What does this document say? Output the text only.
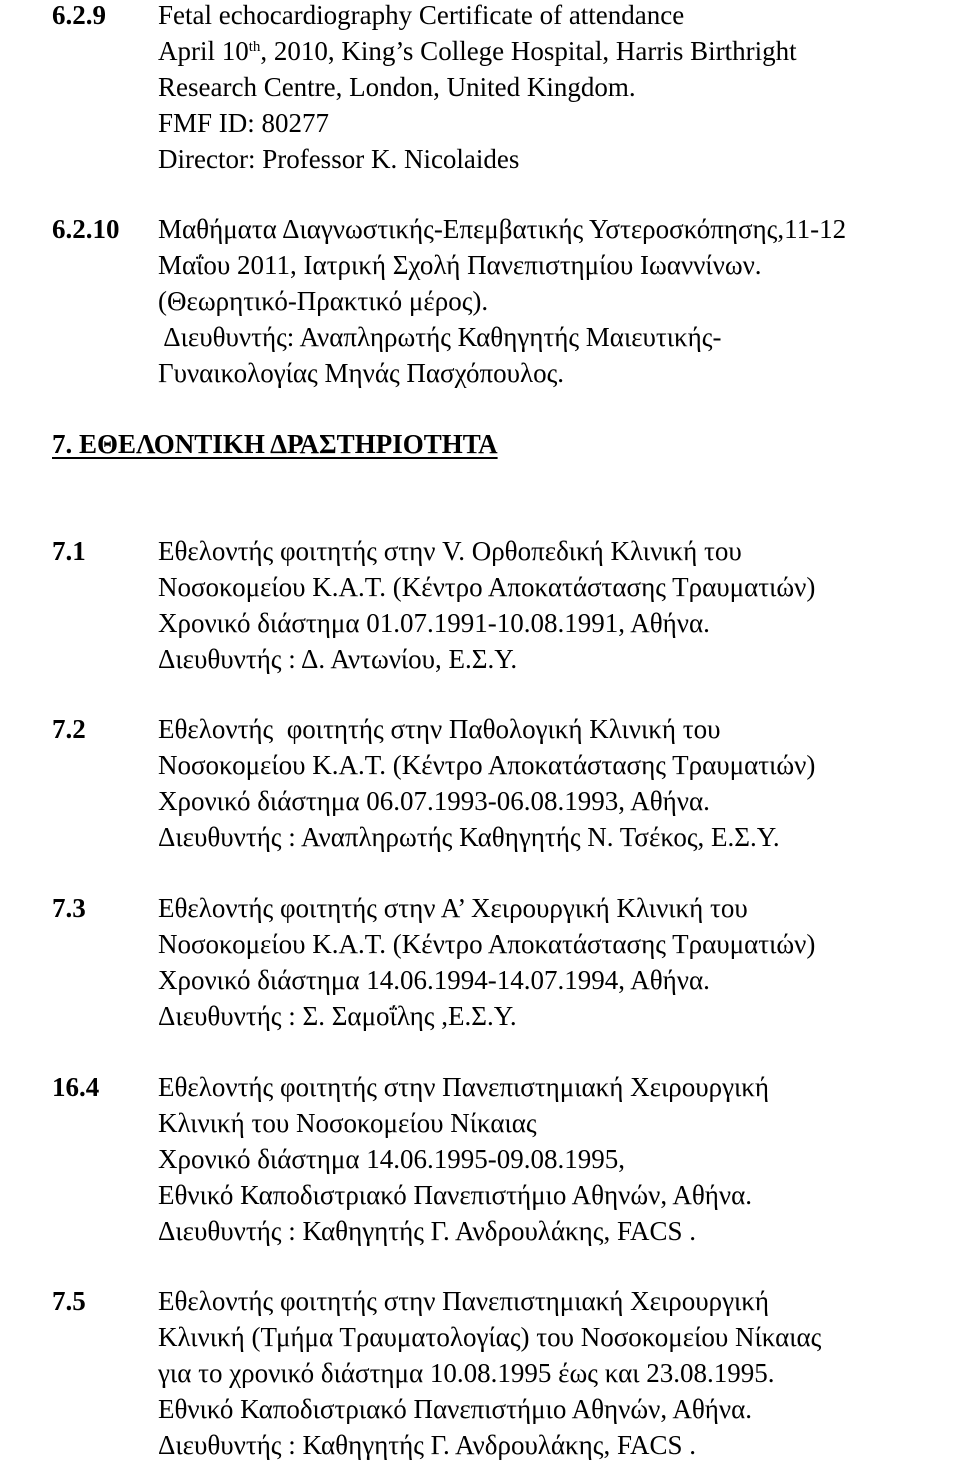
6.2.9 Fetal echocardiography Certificate of attendance
April 10th, 2010, King’s College Hospital, Harris Birthright
Research Centre, London, United Kingdom.
FMF ID: 80277
Director: Professor K. Nicolaides
6.2.10 Μαθήματα Διαγνωστικής-Επεμβατικής Υστεροσκόπησης,11-12
Μαΐου 2011, Ιατρική Σχολή Πανεπιστημίου Ιωαννίνων.
(Θεωρητικό-Πρακτικό μέρος).
Διευθυντής: Αναπληρωτής Καθηγητής Μαιευτικής-
Γυναικολογίας Μηνάς Πασχόπουλος.
7. ΕΘΕΛΟΝΤΙΚΗ ΔΡΑΣΤΗΡΙΟΤΗΤΑ
7.1	Εθελοντής φοιτητής στην V. Ορθοπεδική Κλινική του
Νοσοκομείου Κ.Α.Τ. (Κέντρο Αποκατάστασης Τραυματιών)
Χρονικό διάστημα 01.07.1991-10.08.1991, Αθήνα.
Διευθυντής : Δ. Αντωνίου, Ε.Σ.Υ.
7.2	Εθελοντής  φοιτητής στην Παθολογική Κλινική του
Νοσοκομείου Κ.Α.Τ. (Κέντρο Αποκατάστασης Τραυματιών)
Χρονικό διάστημα 06.07.1993-06.08.1993, Αθήνα.
Διευθυντής : Αναπληρωτής Καθηγητής Ν. Τσέκος, Ε.Σ.Υ.
7.3	Εθελοντής φοιτητής στην Α’ Χειρουργική Κλινική του
Νοσοκομείου Κ.Α.Τ. (Κέντρο Αποκατάστασης Τραυματιών)
Χρονικό διάστημα 14.06.1994-14.07.1994, Αθήνα.
Διευθυντής : Σ. Σαμοΐλης ,Ε.Σ.Υ.
16.4 Εθελοντής φοιτητής στην Πανεπιστημιακή Χειρουργική
Κλινική του Νοσοκομείου Νίκαιας
Χρονικό διάστημα 14.06.1995-09.08.1995,
Εθνικό Καποδιστριακό Πανεπιστήμιο Αθηνών, Αθήνα.
Διευθυντής : Καθηγητής Γ. Ανδρουλάκης, FACS .
7.5	Εθελοντής φοιτητής στην Πανεπιστημιακή Χειρουργική
Κλινική (Τμήμα Τραυματολογίας) του Νοσοκομείου Νίκαιας
για το χρονικό διάστημα 10.08.1995 έως και 23.08.1995.
Εθνικό Καποδιστριακό Πανεπιστήμιο Αθηνών, Αθήνα.
Διευθυντής : Καθηγητής Γ. Ανδρουλάκης, FACS .
